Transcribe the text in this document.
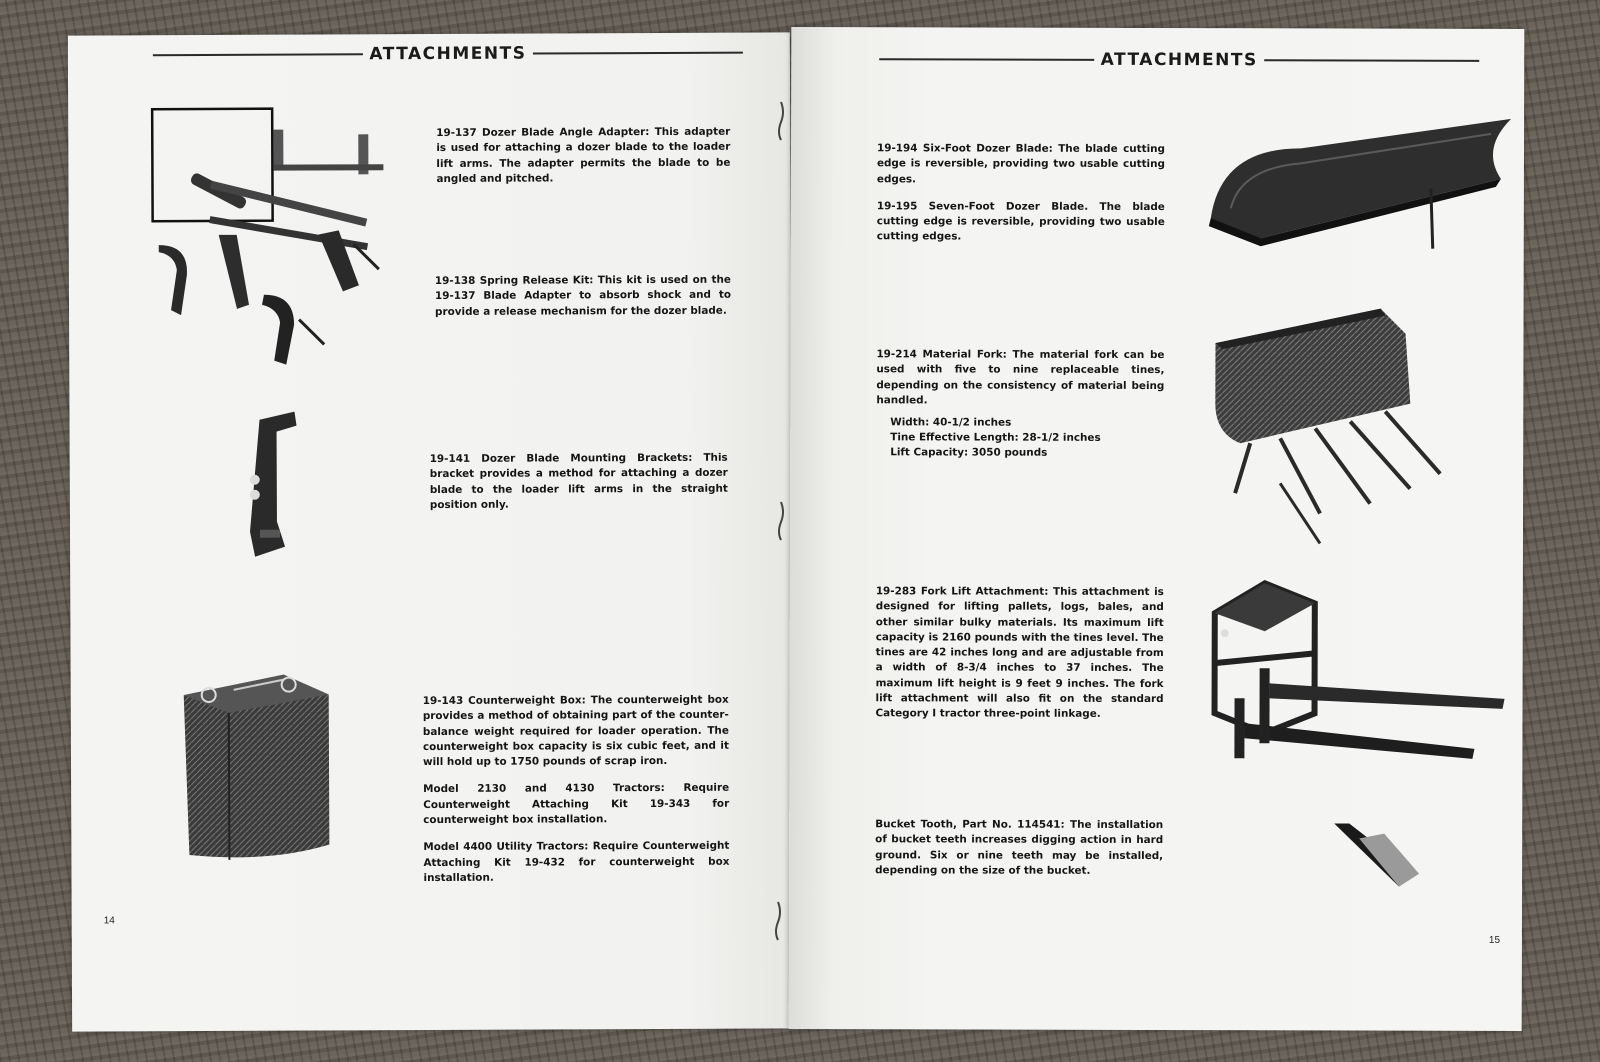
ATTACHMENTS
19-137 Dozer Blade Angle Adapter: This adapter is used for attaching a dozer blade to the loader lift arms. The adapter permits the blade to be angled and pitched.
19-138 Spring Release Kit: This kit is used on the 19-137 Blade Adapter to absorb shock and to provide a release mechanism for the dozer blade.
19-141 Dozer Blade Mounting Brackets: This bracket provides a method for attaching a dozer blade to the loader lift arms in the straight position only.

19-143 Counterweight Box: The counterweight box provides a method of obtaining part of the counter-balance weight required for loader operation. The counterweight box capacity is six cubic feet, and it will hold up to 1750 pounds of scrap iron.

Model 2130 and 4130 Tractors: Require Counterweight Attaching Kit 19-343 for counterweight box installation.

Model 4400 Utility Tractors: Require Counterweight Attaching Kit 19-432 for counterweight box installation.

14
ATTACHMENTS

19-194 Six-Foot Dozer Blade: The blade cutting edge is reversible, providing two usable cutting edges.

19-195 Seven-Foot Dozer Blade. The blade cutting edge is reversible, providing two usable cutting edges.

19-214 Material Fork: The material fork can be used with five to nine replaceable tines, depending on the consistency of material being handled.
Width: 40-1/2 inches
Tine Effective Length: 28-1/2 inches
Lift Capacity: 3050 pounds
19-283 Fork Lift Attachment: This attachment is designed for lifting pallets, logs, bales, and other similar bulky materials. Its maximum lift capacity is 2160 pounds with the tines level. The tines are 42 inches long and are adjustable from a width of 8-3/4 inches to 37 inches. The maximum lift height is 9 feet 9 inches. The fork lift attachment will also fit on the standard Category I tractor three-point linkage.
Bucket Tooth, Part No. 114541: The installation of bucket teeth increases digging action in hard ground. Six or nine teeth may be installed, depending on the size of the bucket.
15
